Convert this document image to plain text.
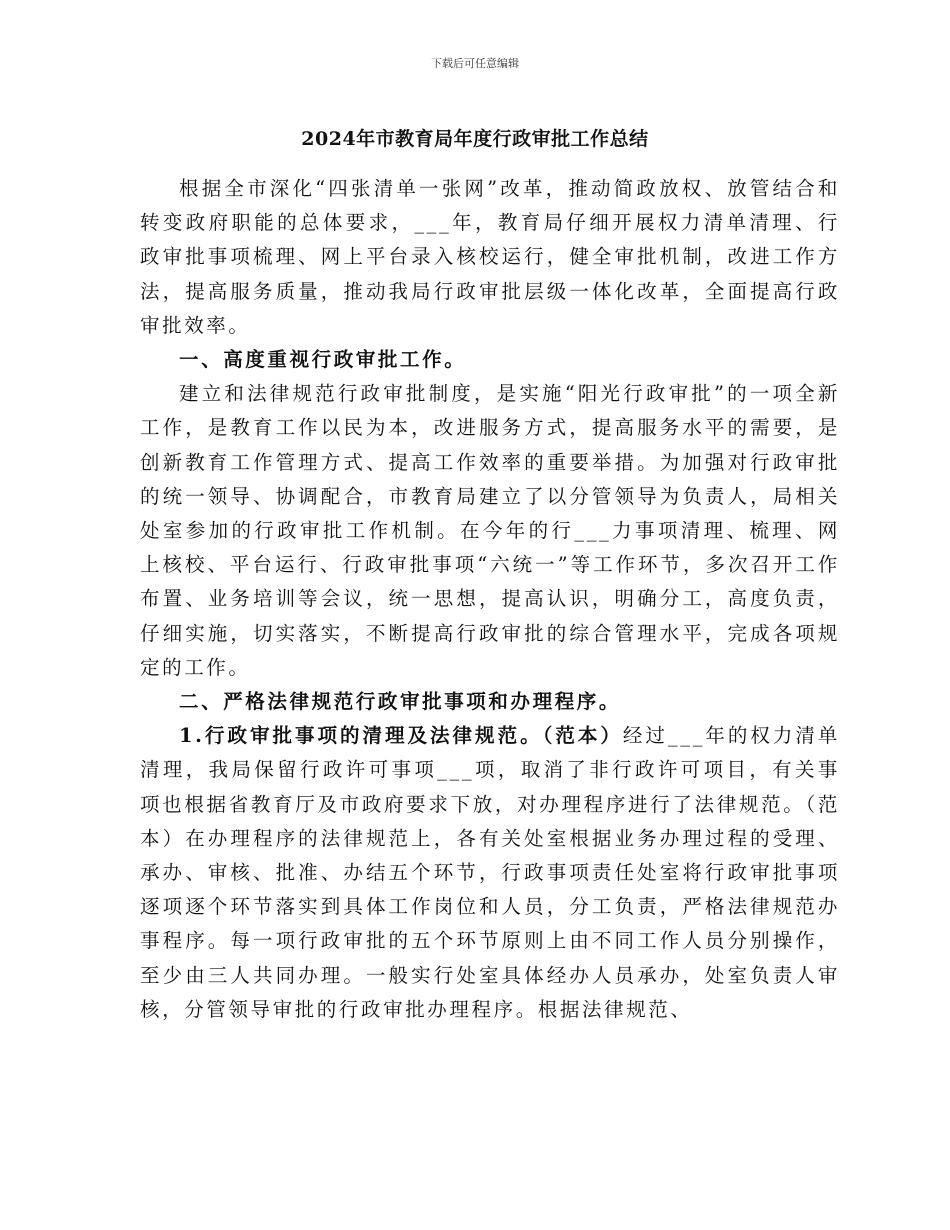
下载后可任意编辑
2024年市教育局年度行政审批工作总结

根据全市深化“四张清单一张网”改革，推动简政放权、放管结合和转变政府职能的总体要求，___年，教育局仔细开展权力清单清理、行政审批事项梳理、网上平台录入核校运行，健全审批机制，改进工作方法，提高服务质量，推动我局行政审批层级一体化改革，全面提高行政审批效率。

一、高度重视行政审批工作。

建立和法律规范行政审批制度，是实施“阳光行政审批”的一项全新工作，是教育工作以民为本，改进服务方式，提高服务水平的需要，是创新教育工作管理方式、提高工作效率的重要举措。为加强对行政审批的统一领导、协调配合，市教育局建立了以分管领导为负责人，局相关处室参加的行政审批工作机制。在今年的行___力事项清理、梳理、网上核校、平台运行、行政审批事项“六统一”等工作环节，多次召开工作布置、业务培训等会议，统一思想，提高认识，明确分工，高度负责，仔细实施，切实落实，不断提高行政审批的综合管理水平，完成各项规定的工作。

二、严格法律规范行政审批事项和办理程序。

1.行政审批事项的清理及法律规范。（范本）经过___年的权力清单清理，我局保留行政许可事项___项，取消了非行政许可项目，有关事项也根据省教育厅及市政府要求下放，对办理程序进行了法律规范。（范本）在办理程序的法律规范上，各有关处室根据业务办理过程的受理、承办、审核、批准、办结五个环节，行政事项责任处室将行政审批事项逐项逐个环节落实到具体工作岗位和人员，分工负责，严格法律规范办事程序。每一项行政审批的五个环节原则上由不同工作人员分别操作，至少由三人共同办理。一般实行处室具体经办人员承办，处室负责人审核，分管领导审批的行政审批办理程序。根据法律规范、
